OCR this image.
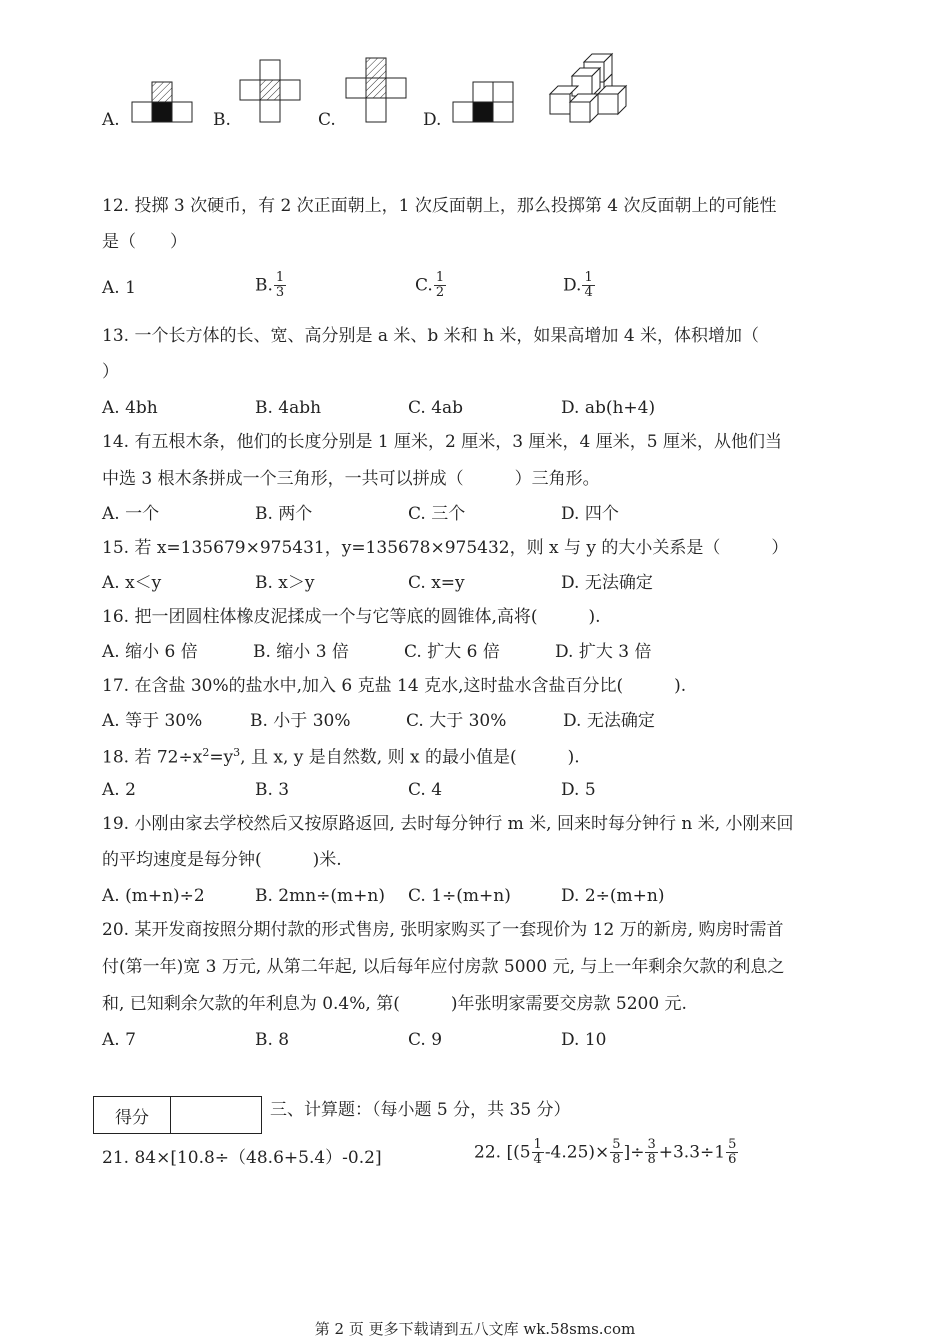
A.	B.	C.	D.
12. 投掷 3 次硬币，有 2 次正面朝上，1 次反面朝上，那么投掷第 4 次反面朝上的可能性
是（　　）
A. 1	B. $\frac{1}{3}$	C. $\frac{1}{2}$	D. $\frac{1}{4}$
13. 一个长方体的长、宽、高分别是 a 米、b 米和 h 米，如果高增加 4 米，体积增加（
）
A. 4bh	B. 4abh	C. 4ab	D. ab(h+4)
14. 有五根木条，他们的长度分别是 1 厘米，2 厘米，3 厘米，4 厘米，5 厘米，从他们当
中选 3 根木条拼成一个三角形，一共可以拼成（　　　）三角形。
A. 一个	B. 两个	C. 三个	D. 四个
15. 若 x=135679×975431，y=135678×975432，则 x 与 y 的大小关系是（　　　）
A. x＜y	B. x＞y	C. x=y	D. 无法确定
16. 把一团圆柱体橡皮泥揉成一个与它等底的圆锥体,高将(　　　).
A. 缩小 6 倍	B. 缩小 3 倍	C. 扩大 6 倍	D. 扩大 3 倍
17. 在含盐 30%的盐水中,加入 6 克盐 14 克水,这时盐水含盐百分比(　　　).
A. 等于 30%	B. 小于 30%	C. 大于 30%	D. 无法确定
18. 若 $72\div x^2=y^3$, 且 x, y 是自然数, 则 x 的最小值是(　　　).
A. 2	B. 3	C. 4	D. 5
19. 小刚由家去学校然后又按原路返回, 去时每分钟行 m 米, 回来时每分钟行 n 米, 小刚来回
的平均速度是每分钟(　　　)米.
A. (m+n)÷2	B. 2mn÷(m+n) C. 1÷(m+n)	D. 2÷(m+n)
20. 某开发商按照分期付款的形式售房, 张明家购买了一套现价为 12 万的新房, 购房时需首
付(第一年)宽 3 万元, 从第二年起, 以后每年应付房款 5000 元, 与上一年剩余欠款的利息之
和, 已知剩余欠款的年利息为 0.4%, 第(　　　)年张明家需要交房款 5200 元.
A. 7	B. 8	C. 9	D. 10
得分		三、计算题：（每小题 5 分，共 35 分）
21. 84×[10.8÷（48.6+5.4）-0.2]	22. [$(5 \frac{1}{4} -4.25)\times \frac{5}{8}$ ]÷ $\frac{3}{8} +3.3\div 1 \frac{5}{6}$
第 2 页 更多下载请到五八文库 wk.58sms.com
